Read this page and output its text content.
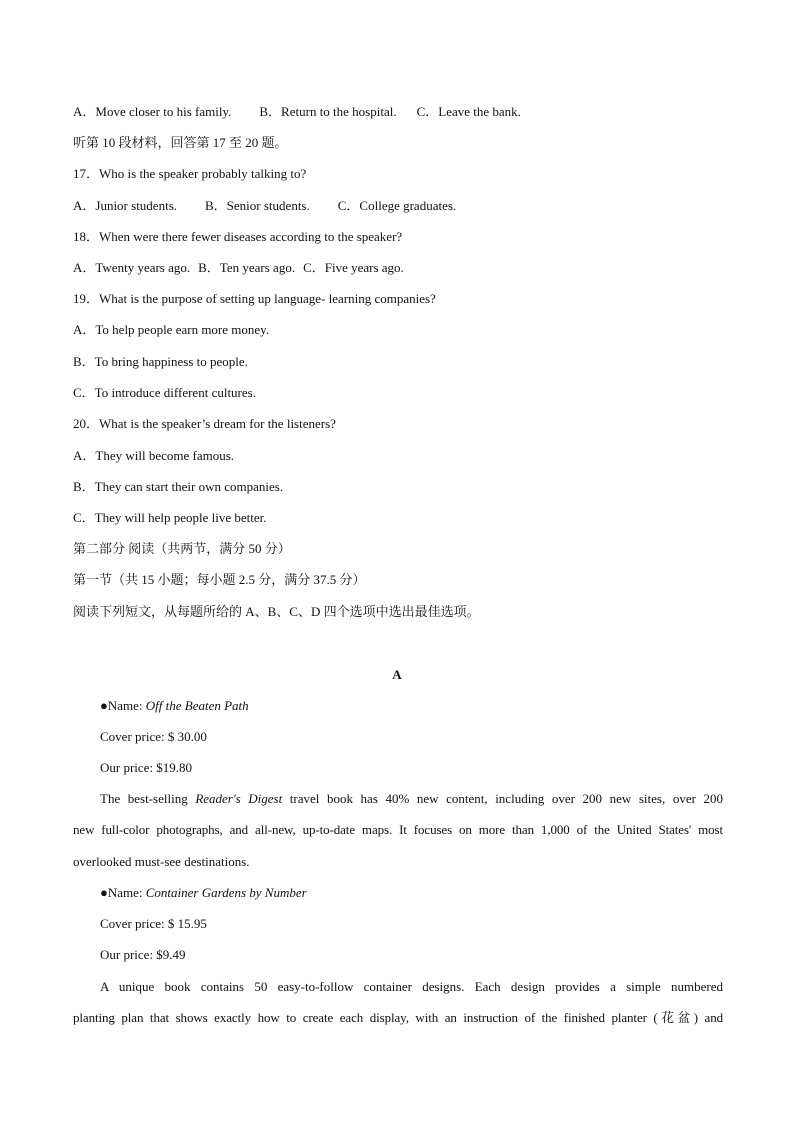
A．Move closer to his family. B．Return to the hospital. C．Leave the bank.
听第 10 段材料，回答第 17 至 20 题。
17．Who is the speaker probably talking to?
A．Junior students. B．Senior students. C．College graduates.
18．When were there fewer diseases according to the speaker?
A．Twenty years ago. B．Ten years ago. C．Five years ago.
19．What is the purpose of setting up language- learning companies?
A．To help people earn more money.
B．To bring happiness to people.
C．To introduce different cultures.
20．What is the speaker’s dream for the listeners?
A．They will become famous.
B．They can start their own companies.
C．They will help people live better.
第二部分 阅读（共两节，满分 50 分）
第一节（共 15 小题；每小题 2.5 分，满分 37.5 分）
阅读下列短文，从每题所给的 A、B、C、D 四个选项中选出最佳选项。
A
●Name: Off the Beaten Path
Cover price: $ 30.00
Our price: $19.80
The best-selling Reader's Digest travel book has 40% new content, including over 200 new sites, over 200
new full-color photographs, and all-new, up-to-date maps. It focuses on more than 1,000 of the United States' most
overlooked must-see destinations.
●Name: Container Gardens by Number
Cover price: $ 15.95
Our price: $9.49
A unique book contains 50 easy-to-follow container designs. Each design provides a simple numbered
planting plan that shows exactly how to create each display, with an instruction of the finished planter (花盆) and
